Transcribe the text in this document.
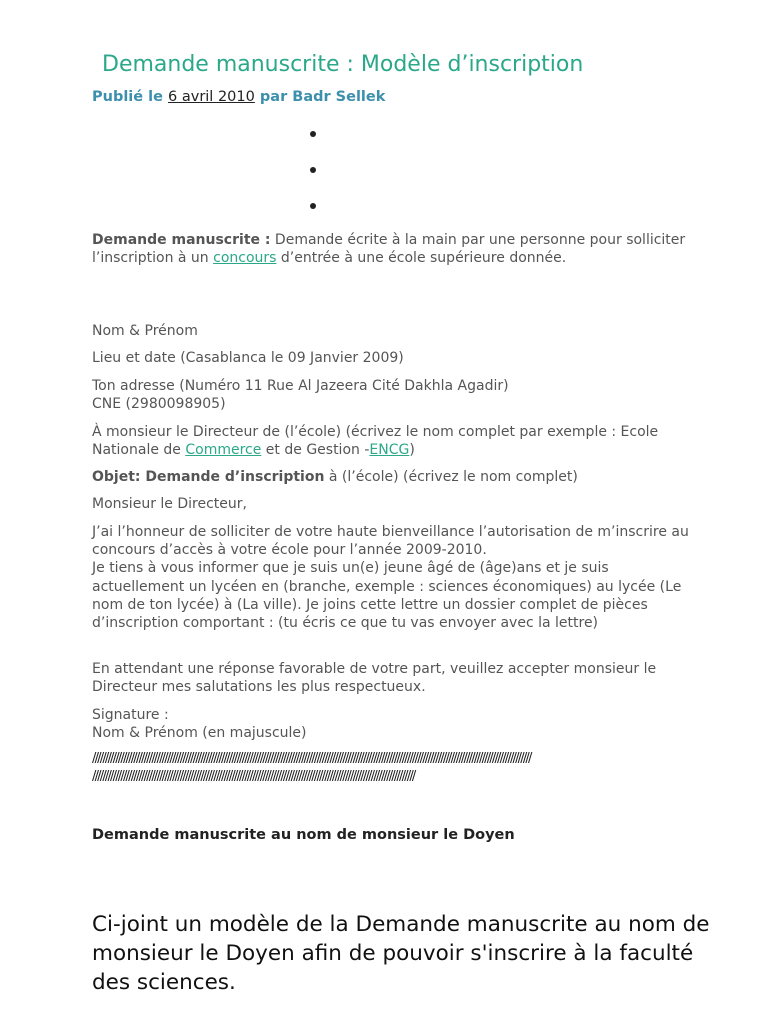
Demande manuscrite : Modèle d’inscription
Publié le 6 avril 2010 par Badr Sellek

Demande manuscrite : Demande écrite à la main par une personne pour solliciter l’inscription à un concours d’entrée à une école supérieure donnée.

Nom & Prénom
Lieu et date (Casablanca le 09 Janvier 2009)

Ton adresse (Numéro 11 Rue Al Jazeera Cité Dakhla Agadir)

CNE (2980098905)

À monsieur le Directeur de (l’école) (écrivez le nom complet par exemple : Ecole Nationale de Commerce et de Gestion -ENCG)

Objet: Demande d’inscription à (l’école) (écrivez le nom complet)

Monsieur le Directeur,

J’ai l’honneur de solliciter de votre haute bienveillance l’autorisation de m’inscrire au concours d’accès à votre école pour l’année 2009-2010.

Je tiens à vous informer que je suis un(e) jeune âgé de (âge)ans et je suis actuellement un lycéen en (branche, exemple : sciences économiques) au lycée (Le nom de ton lycée) à (La ville). Je joins cette lettre un dossier complet de pièces d’inscription comportant : (tu écris ce que tu vas envoyer avec la lettre)

En attendant une réponse favorable de votre part, veuillez accepter monsieur le Directeur mes salutations les plus respectueux.

Signature :

Nom & Prénom (en majuscule)

//////////////////////////////////////////////////////////////////////////////////////////////////////////////////////////////////////////////////////////////////////////

/////////////////////////////////////////////////////////////////////////////////////////////////////////////////////////////

Demande manuscrite au nom de monsieur le Doyen
Ci-joint un modèle de la Demande manuscrite au nom de monsieur le Doyen afin de pouvoir s'inscrire à la faculté des sciences.
